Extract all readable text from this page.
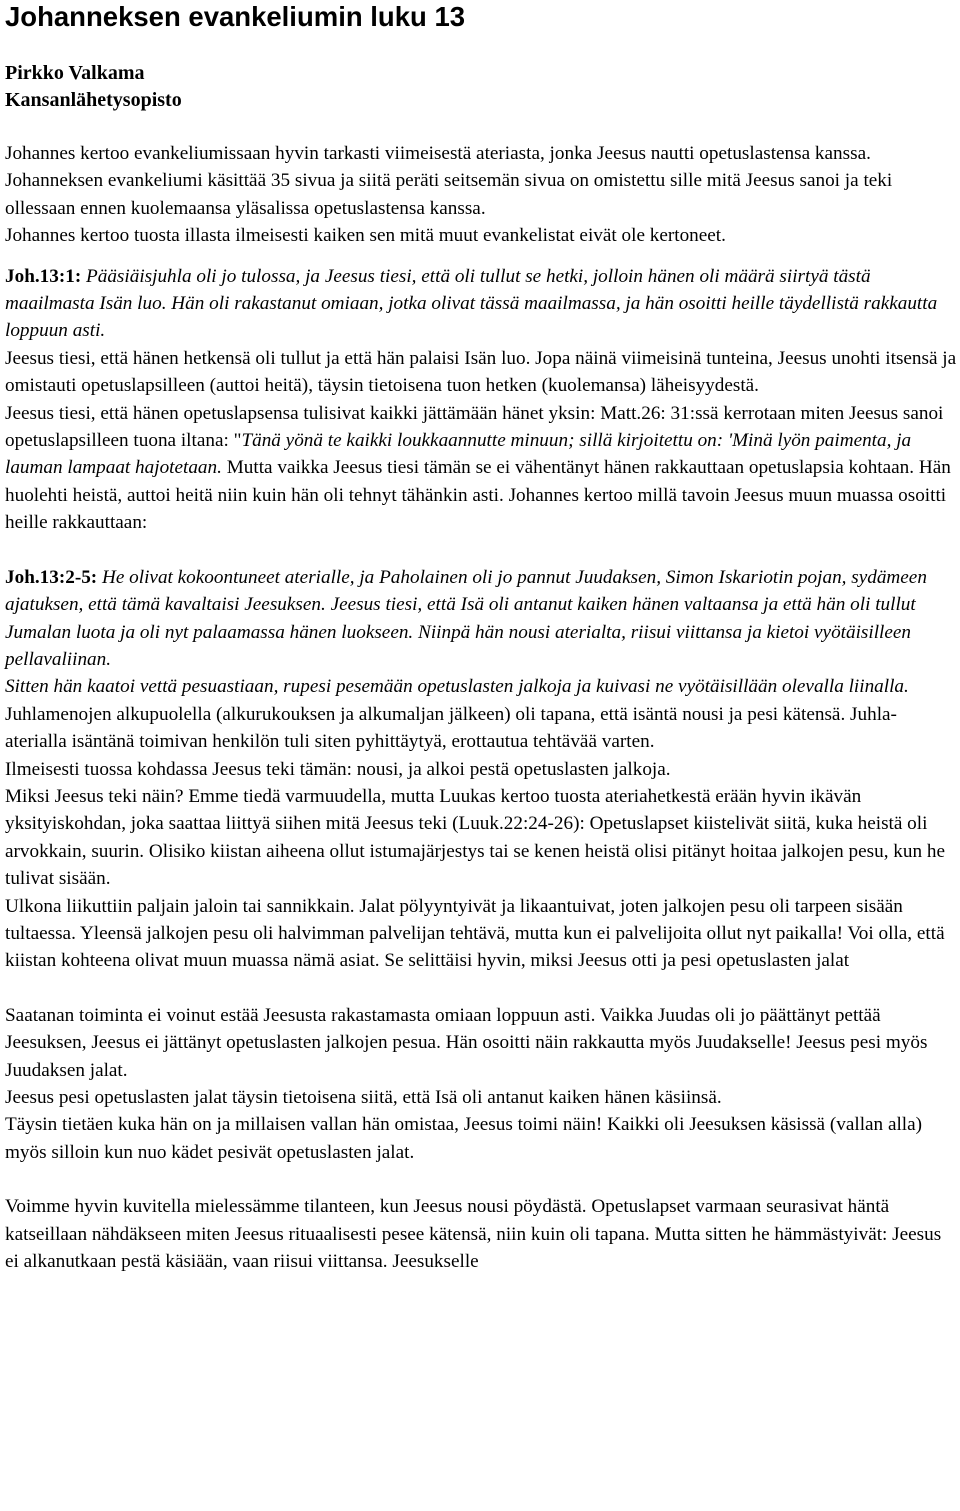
Johanneksen evankeliumin luku 13
Pirkko Valkama
Kansanlähetysopisto

Johannes kertoo evankeliumissaan hyvin tarkasti viimeisestä ateriasta, jonka Jeesus nautti opetuslastensa kanssa. Johanneksen evankeliumi käsittää 35 sivua ja siitä peräti seitsemän sivua on omistettu sille mitä Jeesus sanoi ja teki ollessaan ennen kuolemaansa yläsalissa opetuslastensa kanssa.

Johannes kertoo tuosta illasta ilmeisesti kaiken sen mitä muut evankelistat eivät ole kertoneet.

Joh.13:1: Pääsiäisjuhla oli jo tulossa, ja Jeesus tiesi, että oli tullut se hetki, jolloin hänen oli määrä siirtyä tästä maailmasta Isän luo. Hän oli rakastanut omiaan, jotka olivat tässä maailmassa, ja hän osoitti heille täydellistä rakkautta loppuun asti.

Jeesus tiesi, että hänen hetkensä oli tullut ja että hän palaisi Isän luo. Jopa näinä viimeisinä tunteina, Jeesus unohti itsensä ja omistauti opetuslapsilleen (auttoi heitä), täysin tietoisena tuon hetken (kuolemansa) läheisyydestä.

Jeesus tiesi, että hänen opetuslapsensa tulisivat kaikki jättämään hänet yksin: Matt.26: 31:ssä kerrotaan miten Jeesus sanoi opetuslapsilleen tuona iltana: "Tänä yönä te kaikki loukkaannutte minuun; sillä kirjoitettu on: 'Minä lyön paimenta, ja lauman lampaat hajotetaan. Mutta vaikka Jeesus tiesi tämän se ei vähentänyt hänen rakkauttaan opetuslapsia kohtaan. Hän huolehti heistä, auttoi heitä niin kuin hän oli tehnyt tähänkin asti. Johannes kertoo millä tavoin Jeesus muun muassa osoitti heille rakkauttaan:

Joh.13:2-5: He olivat kokoontuneet aterialle, ja Paholainen oli jo pannut Juudaksen, Simon Iskariotin pojan, sydämeen ajatuksen, että tämä kavaltaisi Jeesuksen. Jeesus tiesi, että Isä oli antanut kaiken hänen valtaansa ja että hän oli tullut Jumalan luota ja oli nyt palaamassa hänen luokseen. Niinpä hän nousi aterialta, riisui viittansa ja kietoi vyötäisilleen pellavaliinan.

Sitten hän kaatoi vettä pesuastiaan, rupesi pesemään opetuslasten jalkoja ja kuivasi ne vyötäisillään olevalla liinalla.

Juhlamenojen alkupuolella (alkurukouksen ja alkumaljan jälkeen) oli tapana, että isäntä nousi ja pesi kätensä. Juhla-aterialla isäntänä toimivan henkilön tuli siten pyhittäytyä, erottautua tehtävää varten.

Ilmeisesti tuossa kohdassa Jeesus teki tämän: nousi, ja alkoi pestä opetuslasten jalkoja.

Miksi Jeesus teki näin? Emme tiedä varmuudella, mutta Luukas kertoo tuosta ateriahetkestä erään hyvin ikävän yksityiskohdan, joka saattaa liittyä siihen mitä Jeesus teki (Luuk.22:24-26): Opetuslapset kiistelivät siitä, kuka heistä oli arvokkain, suurin. Olisiko kiistan aiheena ollut istumajärjestys tai se kenen heistä olisi pitänyt hoitaa jalkojen pesu, kun he tulivat sisään.

Ulkona liikuttiin paljain jaloin tai sannikkain. Jalat pölyyntyivät ja likaantuivat, joten jalkojen pesu oli tarpeen sisään tultaessa. Yleensä jalkojen pesu oli halvimman palvelijan tehtävä, mutta kun ei palvelijoita ollut nyt paikalla! Voi olla, että kiistan kohteena olivat muun muassa nämä asiat. Se selittäisi hyvin, miksi Jeesus otti ja pesi opetuslasten jalat

Saatanan toiminta ei voinut estää Jeesusta rakastamasta omiaan loppuun asti. Vaikka Juudas oli jo päättänyt pettää Jeesuksen, Jeesus ei jättänyt opetuslasten jalkojen pesua. Hän osoitti näin rakkautta myös Juudakselle! Jeesus pesi myös Juudaksen jalat.

Jeesus pesi opetuslasten jalat täysin tietoisena siitä, että Isä oli antanut kaiken hänen käsiinsä.

Täysin tietäen kuka hän on ja millaisen vallan hän omistaa, Jeesus toimi näin! Kaikki oli Jeesuksen käsissä (vallan alla) myös silloin kun nuo kädet pesivät opetuslasten jalat.

Voimme hyvin kuvitella mielessämme tilanteen, kun Jeesus nousi pöydästä. Opetuslapset varmaan seurasivat häntä katseillaan nähdäkseen miten Jeesus rituaalisesti pesee kätensä, niin kuin oli tapana. Mutta sitten he hämmästyivät: Jeesus ei alkanutkaan pestä käsiään, vaan riisui viittansa. Jeesukselle
